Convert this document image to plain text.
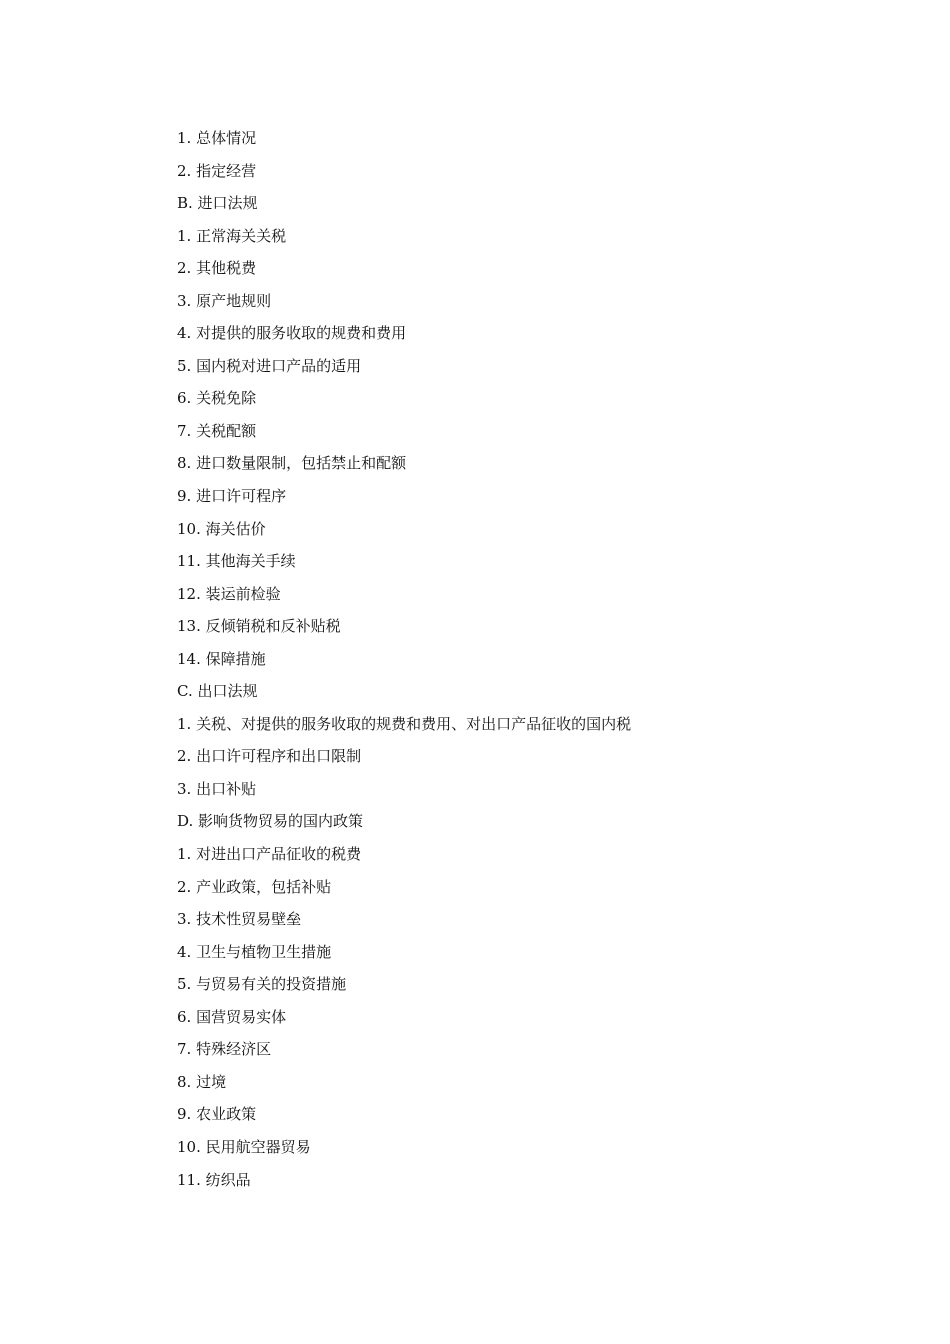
1. 总体情况
2. 指定经营
B. 进口法规
1. 正常海关关税
2. 其他税费
3. 原产地规则
4. 对提供的服务收取的规费和费用
5. 国内税对进口产品的适用
6. 关税免除
7. 关税配额
8. 进口数量限制，包括禁止和配额
9. 进口许可程序
10. 海关估价
11. 其他海关手续
12. 装运前检验
13. 反倾销税和反补贴税
14. 保障措施
C. 出口法规
1. 关税、对提供的服务收取的规费和费用、对出口产品征收的国内税
2. 出口许可程序和出口限制
3. 出口补贴
D. 影响货物贸易的国内政策
1. 对进出口产品征收的税费
2. 产业政策，包括补贴
3. 技术性贸易壁垒
4. 卫生与植物卫生措施
5. 与贸易有关的投资措施
6. 国营贸易实体
7. 特殊经济区
8. 过境
9. 农业政策
10. 民用航空器贸易
11. 纺织品
